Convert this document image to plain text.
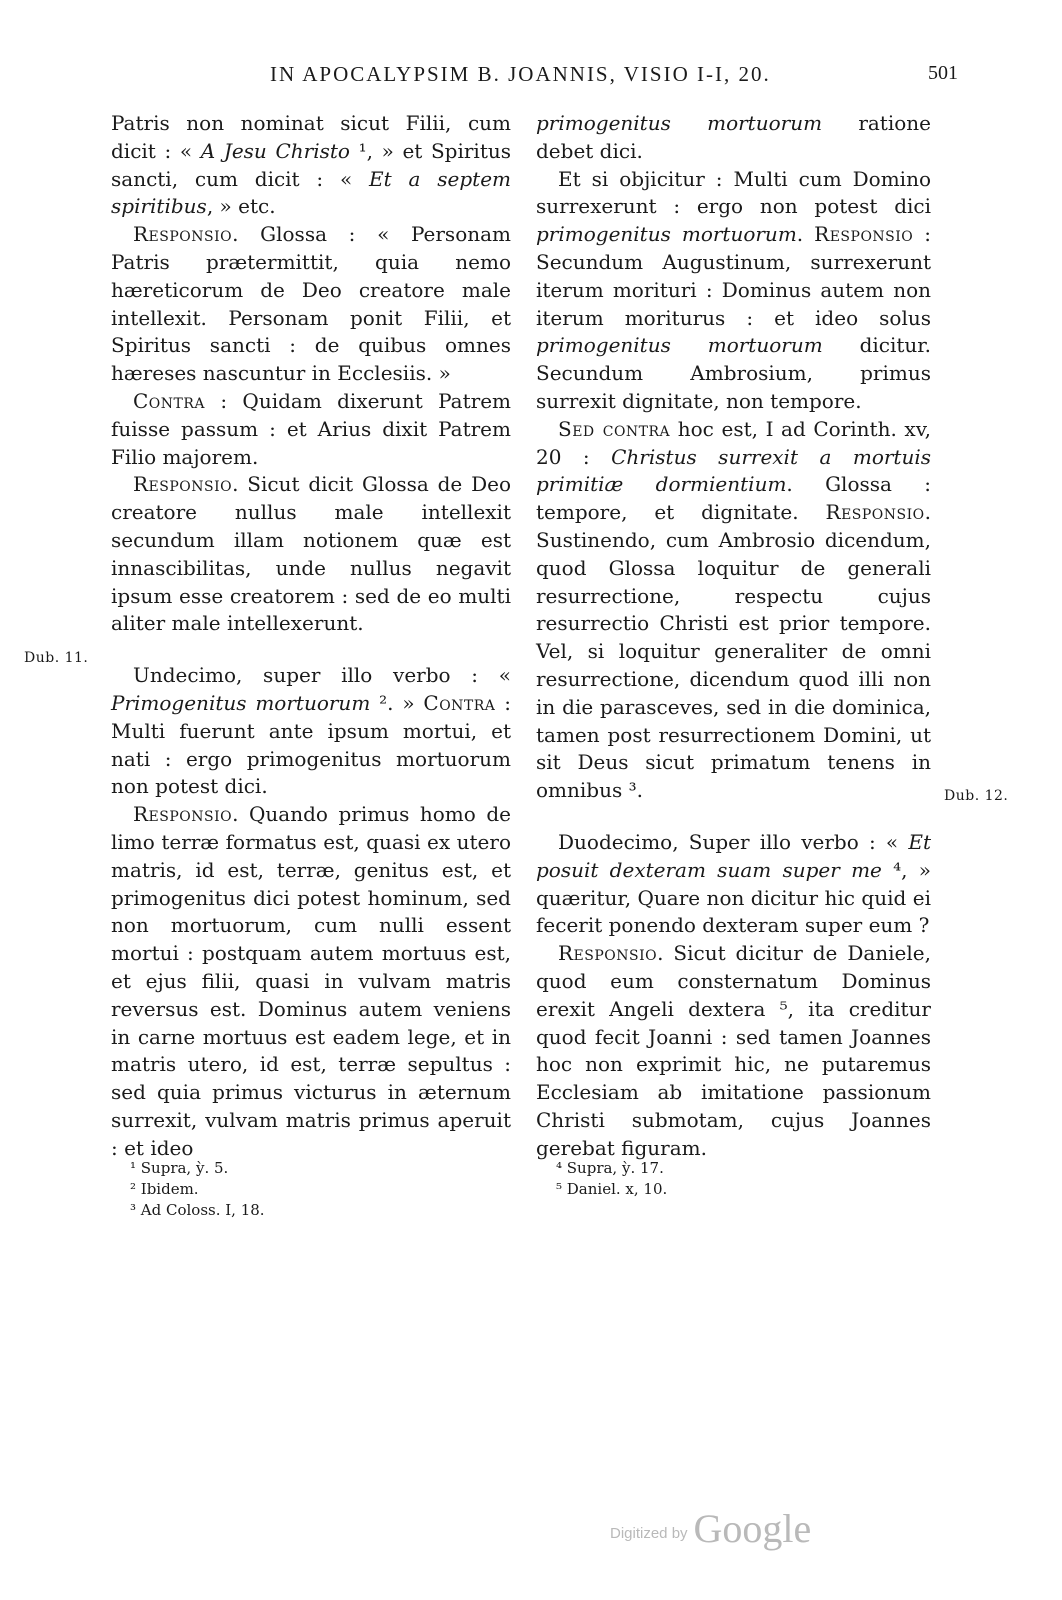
IN APOCALYPSIM B. JOANNIS, VISIO I-I, 20.	501

Patris non nominat sicut Filii, cum dicit : « A Jesu Christo ¹, » et Spiritus sancti, cum dicit : « Et a septem spiritibus, » etc.

Responsio. Glossa : « Personam Patris prætermittit, quia nemo hæreticorum de Deo creatore male intellexit. Personam ponit Filii, et Spiritus sancti : de quibus omnes hæreses nascuntur in Ecclesiis. »

Contra : Quidam dixerunt Patrem fuisse passum : et Arius dixit Patrem Filio majorem.

Responsio. Sicut dicit Glossa de Deo creatore nullus male intellexit secundum illam notionem quæ est innascibilitas, unde nullus negavit ipsum esse creatorem : sed de eo multi aliter male intellexerunt.

Undecimo, super illo verbo : « Primogenitus mortuorum ². » Contra : Multi fuerunt ante ipsum mortui, et nati : ergo primogenitus mortuorum non potest dici.

Responsio. Quando primus homo de limo terræ formatus est, quasi ex utero matris, id est, terræ, genitus est, et primogenitus dici potest hominum, sed non mortuorum, cum nulli essent mortui : postquam autem mortuus est, et ejus filii, quasi in vulvam matris reversus est. Dominus autem veniens in carne mortuus est eadem lege, et in matris utero, id est, terræ sepultus : sed quia primus victurus in æternum surrexit, vulvam matris primus aperuit : et ideo

primogenitus mortuorum ratione debet dici.

Et si objicitur : Multi cum Domino surrexerunt : ergo non potest dici primogenitus mortuorum. Responsio : Secundum Augustinum, surrexerunt iterum morituri : Dominus autem non iterum moriturus : et ideo solus primogenitus mortuorum dicitur. Secundum Ambrosium, primus surrexit dignitate, non tempore.

Sed contra hoc est, I ad Corinth. xv, 20 : Christus surrexit a mortuis primitiæ dormientium. Glossa : tempore, et dignitate. Responsio. Sustinendo, cum Ambrosio dicendum, quod Glossa loquitur de generali resurrectione, respectu cujus resurrectio Christi est prior tempore. Vel, si loquitur generaliter de omni resurrectione, dicendum quod illi non in die parasceves, sed in die dominica, tamen post resurrectionem Domini, ut sit Deus sicut primatum tenens in omnibus ³.

Duodecimo, Super illo verbo : « Et posuit dexteram suam super me ⁴, » quæritur, Quare non dicitur hic quid ei fecerit ponendo dexteram super eum ?

Responsio. Sicut dicitur de Daniele, quod eum consternatum Dominus erexit Angeli dextera ⁵, ita creditur quod fecit Joanni : sed tamen Joannes hoc non exprimit hic, ne putaremus Ecclesiam ab imitatione passionum Christi submotam, cujus Joannes gerebat figuram.

Dub. 11.
Dub. 12.
¹ Supra, ỳ. 5.
² Ibidem.
³ Ad Coloss. I, 18.
⁴ Supra, ỳ. 17.
⁵ Daniel. x, 10.
Digitized by Google
